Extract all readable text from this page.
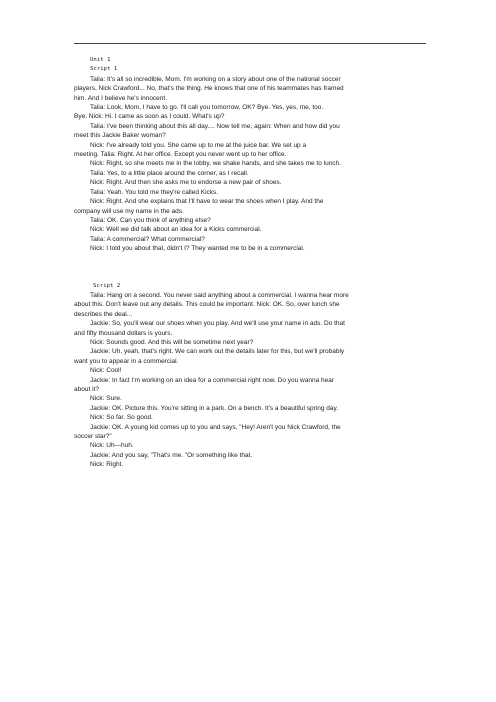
Unit 1
Script 1
Talia: It's all so incredible, Mom. I'm working on a story about one of the national soccer
players, Nick Crawford... No, that's the thing. He knows that one of his teammates has framed
him. And I believe he's innocent.
Talia: Look, Mom, I have to go. I'll call you tomorrow, OK? Bye. Yes, yes, me, too.
Bye. Nick: Hi. I came as soon as I could. What's up?
Talia: I've been thinking about this all day.... Now tell me, again: When and how did you
meet this Jackie Baker woman?
Nick: I've already told you. She came up to me at the juice bar. We set up a
meeting. Talia: Right. At her office. Except you never went up to her office.
Nick: Right, so she meets me in the lobby, we shake hands, and she takes me to lunch.
Talia: Yes, to a little place around the corner, as I recall.
Nick: Right. And then she asks me to endorse a new pair of shoes.
Talia: Yeah. You told me they're called Kicks.
Nick: Right. And she explains that I'll have to wear the shoes when I play. And the
company will use my name in the ads.
Talia: OK. Can you think of anything else?
Nick: Well we did talk about an idea for a Kicks commercial.
Talia: A commercial? What commercial?
Nick: I told you about that, didn't I? They wanted me to be in a commercial.
Script 2
Talia: Hang on a second. You never said anything about a commercial. I wanna hear more
about this. Don't leave out any details. This could be important. Nick: OK. So, over lunch she
describes the deal...
Jackie: So, you'll wear our shoes when you play. And we'll use your name in ads. Do that
and fifty thousand dollars is yours.
Nick: Sounds good. And this will be sometime next year?
Jackie: Uh, yeah, that's right. We can work out the details later for this, but we'll probably
want you to appear in a commercial.
Nick: Cool!
Jackie: In fact I'm working on an idea for a commercial right now. Do you wanna hear
about it?
Nick: Sure.
Jackie: OK. Picture this. You're sitting in a park. On a bench. It's a beautiful spring day.
Nick: So far. So good.
Jackie: OK. A young kid comes up to you and says, "Hey! Aren't you Nick Crawford, the
soccer star?"
Nick: Uh—huh.
Jackie: And you say, "That's me. "Or something like that.
Nick: Right.
